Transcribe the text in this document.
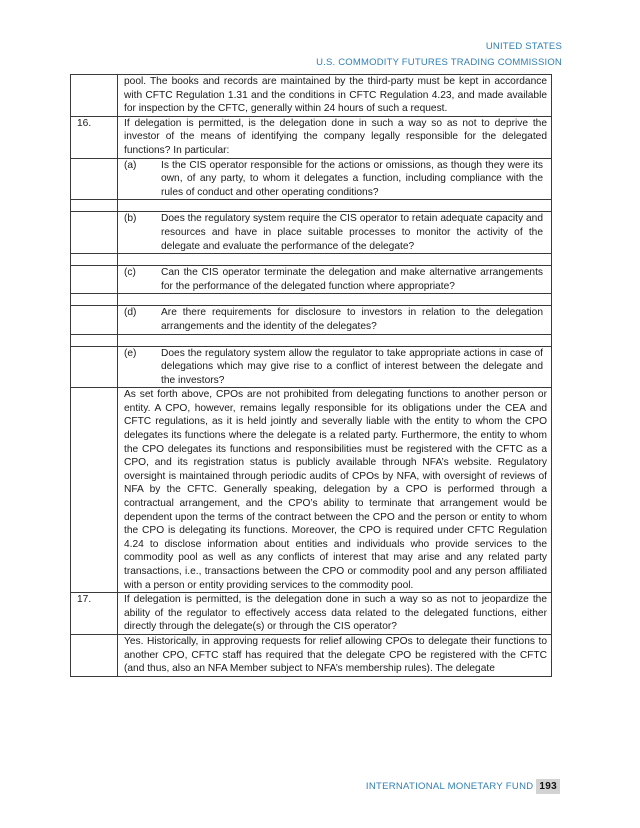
UNITED STATES
U.S. COMMODITY FUTURES TRADING COMMISSION
	pool. The books and records are maintained by the third-party must be kept in accordance with CFTC Regulation 1.31 and the conditions in CFTC Regulation 4.23, and made available for inspection by the CFTC, generally within 24 hours of such a request.
16.	If delegation is permitted, is the delegation done in such a way so as not to deprive the investor of the means of identifying the company legally responsible for the delegated functions? In particular:

(a)	Is the CIS operator responsible for the actions or omissions, as though they were its own, of any party, to whom it delegates a function, including compliance with the rules of conduct and other operating conditions?

(b)	Does the regulatory system require the CIS operator to retain adequate capacity and resources and have in place suitable processes to monitor the activity of the delegate and evaluate the performance of the delegate?

(c)	Can the CIS operator terminate the delegation and make alternative arrangements for the performance of the delegated function where appropriate?

(d)	Are there requirements for disclosure to investors in relation to the delegation arrangements and the identity of the delegates?

(e)	Does the regulatory system allow the regulator to take appropriate actions in case of delegations which may give rise to a conflict of interest between the delegate and the investors?

	As set forth above, CPOs are not prohibited from delegating functions to another person or entity. A CPO, however, remains legally responsible for its obligations under the CEA and CFTC regulations, as it is held jointly and severally liable with the entity to whom the CPO delegates its functions where the delegate is a related party. Furthermore, the entity to whom the CPO delegates its functions and responsibilities must be registered with the CFTC as a CPO, and its registration status is publicly available through NFA’s website. Regulatory oversight is maintained through periodic audits of CPOs by NFA, with oversight of reviews of NFA by the CFTC. Generally speaking, delegation by a CPO is performed through a contractual arrangement, and the CPO’s ability to terminate that arrangement would be dependent upon the terms of the contract between the CPO and the person or entity to whom the CPO is delegating its functions. Moreover, the CPO is required under CFTC Regulation 4.24 to disclose information about entities and individuals who provide services to the commodity pool as well as any conflicts of interest that may arise and any related party transactions, i.e., transactions between the CPO or commodity pool and any person affiliated with a person or entity providing services to the commodity pool.
17.	If delegation is permitted, is the delegation done in such a way so as not to jeopardize the ability of the regulator to effectively access data related to the delegated functions, either directly through the delegate(s) or through the CIS operator?
	Yes. Historically, in approving requests for relief allowing CPOs to delegate their functions to another CPO, CFTC staff has required that the delegate CPO be registered with the CFTC (and thus, also an NFA Member subject to NFA’s membership rules). The delegate
INTERNATIONAL MONETARY FUND 193
